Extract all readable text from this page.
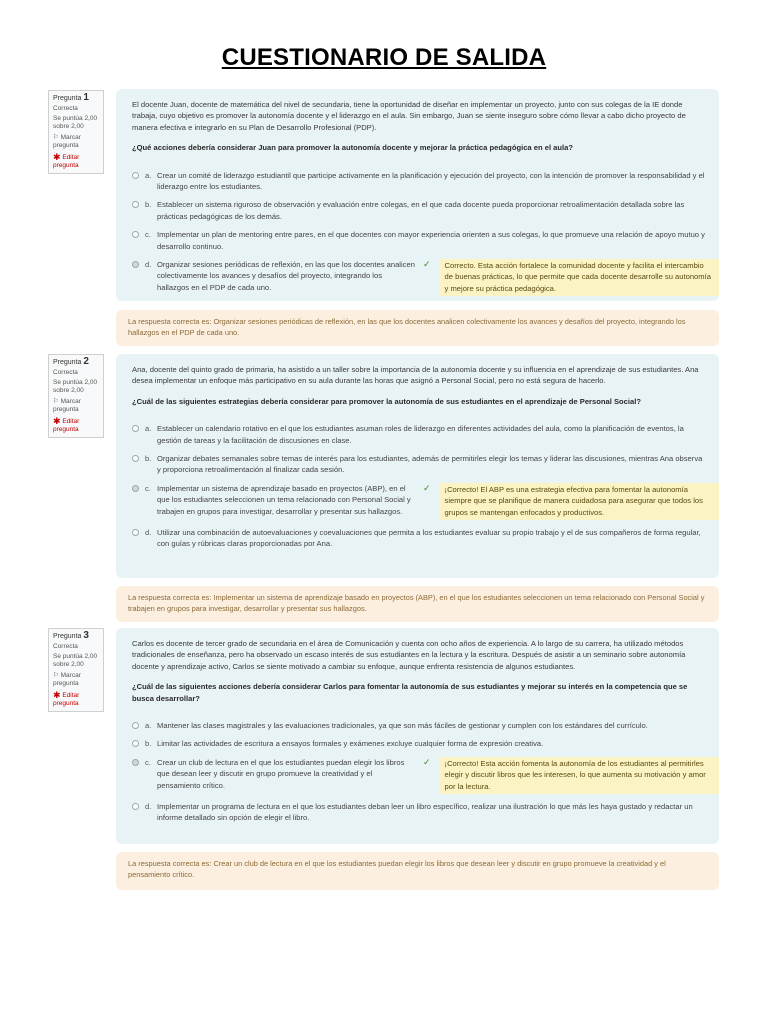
CUESTIONARIO DE SALIDA
Pregunta 1
Correcta
Se puntúa 2,00 sobre 2,00
⚐ Marcar pregunta
✱ Editar pregunta

El docente Juan, docente de matemática del nivel de secundaria, tiene la oportunidad de diseñar en implementar un proyecto, junto con sus colegas de la IE donde trabaja, cuyo objetivo es promover la autonomía docente y el liderazgo en el aula. Sin embargo, Juan se siente inseguro sobre cómo llevar a cabo dicho proyecto de manera efectiva e integrarlo en su Plan de Desarrollo Profesional (PDP).

¿Qué acciones debería considerar Juan para promover la autonomía docente y mejorar la práctica pedagógica en el aula?

a. Crear un comité de liderazgo estudiantil que participe activamente en la planificación y ejecución del proyecto, con la intención de promover la responsabilidad y el liderazgo entre los estudiantes.
b. Establecer un sistema riguroso de observación y evaluación entre colegas, en el que cada docente pueda proporcionar retroalimentación detallada sobre las prácticas pedagógicas de los demás.
c. Implementar un plan de mentoring entre pares, en el que docentes con mayor experiencia orienten a sus colegas, lo que promueve una relación de apoyo mutuo y desarrollo continuo.
d. Organizar sesiones periódicas de reflexión, en las que los docentes analicen colectivamente los avances y desafíos del proyecto, integrando los hallazgos en el PDP de cada uno.
✓	Correcto. Esta acción fortalece la comunidad docente y facilita el intercambio de buenas prácticas, lo que permite que cada docente desarrolle su autonomía y mejore su práctica pedagógica.
La respuesta correcta es: Organizar sesiones periódicas de reflexión, en las que los docentes analicen colectivamente los avances y desafíos del proyecto, integrando los hallazgos en el PDP de cada uno.
Pregunta 2
Correcta
Se puntúa 2,00 sobre 2,00
⚐ Marcar pregunta
✱ Editar pregunta

Ana, docente del quinto grado de primaria, ha asistido a un taller sobre la importancia de la autonomía docente y su influencia en el aprendizaje de sus estudiantes. Ana desea implementar un enfoque más participativo en su aula durante las horas que asignó a Personal Social, pero no está segura de hacerlo.

¿Cuál de las siguientes estrategias debería considerar para promover la autonomía de sus estudiantes en el aprendizaje de Personal Social?

a. Establecer un calendario rotativo en el que los estudiantes asuman roles de liderazgo en diferentes actividades del aula, como la planificación de eventos, la gestión de tareas y la facilitación de discusiones en clase.
b. Organizar debates semanales sobre temas de interés para los estudiantes, además de permitirles elegir los temas y liderar las discusiones, mientras Ana observa y proporciona retroalimentación al finalizar cada sesión.
c. Implementar un sistema de aprendizaje basado en proyectos (ABP), en el que los estudiantes seleccionen un tema relacionado con Personal Social y trabajen en grupos para investigar, desarrollar y presentar sus hallazgos.
✓	¡Correcto! El ABP es una estrategia efectiva para fomentar la autonomía siempre que se planifique de manera cuidadosa para asegurar que todos los grupos se mantengan enfocados y productivos.
d. Utilizar una combinación de autoevaluaciones y coevaluaciones que permita a los estudiantes evaluar su propio trabajo y el de sus compañeros de forma regular, con guías y rúbricas claras proporcionadas por Ana.
La respuesta correcta es: Implementar un sistema de aprendizaje basado en proyectos (ABP), en el que los estudiantes seleccionen un tema relacionado con Personal Social y trabajen en grupos para investigar, desarrollar y presentar sus hallazgos.
Pregunta 3
Correcta
Se puntúa 2,00 sobre 2,00
⚐ Marcar pregunta
✱ Editar pregunta

Carlos es docente de tercer grado de secundaria en el área de Comunicación y cuenta con ocho años de experiencia. A lo largo de su carrera, ha utilizado métodos tradicionales de enseñanza, pero ha observado un escaso interés de sus estudiantes en la lectura y la escritura. Después de asistir a un seminario sobre autonomía docente y aprendizaje activo, Carlos se siente motivado a cambiar su enfoque, aunque enfrenta resistencia de algunos estudiantes.

¿Cuál de las siguientes acciones debería considerar Carlos para fomentar la autonomía de sus estudiantes y mejorar su interés en la competencia que se busca desarrollar?

a. Mantener las clases magistrales y las evaluaciones tradicionales, ya que son más fáciles de gestionar y cumplen con los estándares del currículo.
b. Limitar las actividades de escritura a ensayos formales y exámenes excluye cualquier forma de expresión creativa.
c. Crear un club de lectura en el que los estudiantes puedan elegir los libros que desean leer y discutir en grupo promueve la creatividad y el pensamiento crítico.
✓	¡Correcto! Esta acción fomenta la autonomía de los estudiantes al permitirles elegir y discutir libros que les interesen, lo que aumenta su motivación y amor por la lectura.
d. Implementar un programa de lectura en el que los estudiantes deban leer un libro específico, realizar una ilustración lo que más les haya gustado y redactar un informe detallado sin opción de elegir el libro.
La respuesta correcta es: Crear un club de lectura en el que los estudiantes puedan elegir los libros que desean leer y discutir en grupo promueve la creatividad y el pensamiento crítico.
